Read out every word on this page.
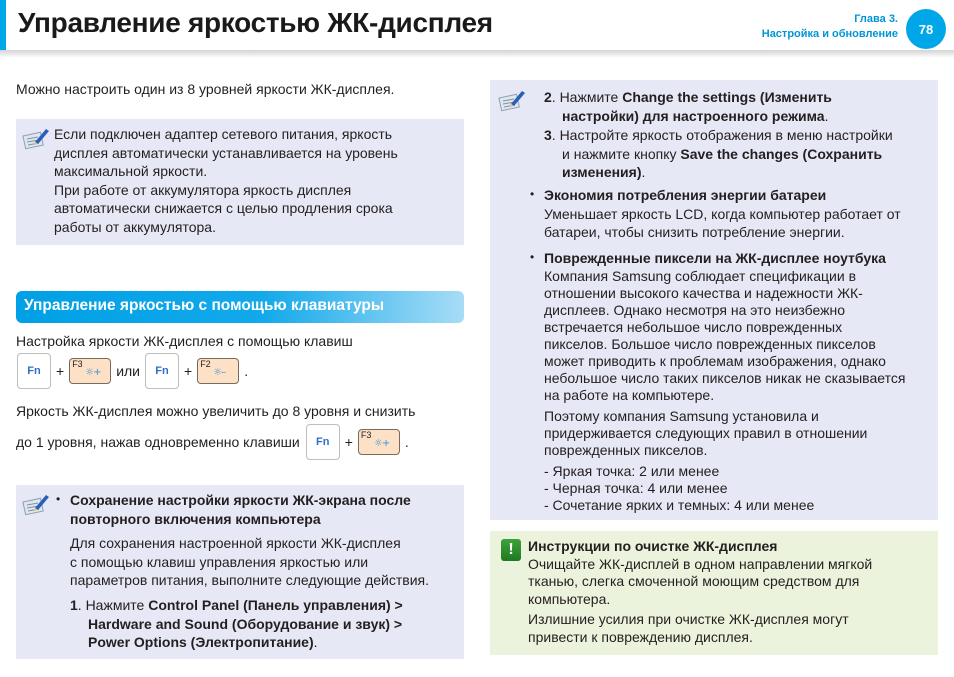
Управление яркостью ЖК-дисплея	Глава 3.
Настройка и обновление	78
Можно настроить один из 8 уровней яркости ЖК-дисплея.
Если подключен адаптер сетевого питания, яркость
дисплея автоматически устанавливается на уровень
максимальной яркости.
При работе от аккумулятора яркость дисплея
автоматически снижается с целью продления срока
работы от аккумулятора.
Управление яркостью с помощью клавиатуры
Настройка яркости ЖК-дисплея с помощью клавиш
Fn	+ F3
☼+ или	Fn	+ F2
☼– .
Яркость ЖК-дисплея можно увеличить до 8 уровня и снизить
до 1 уровня, нажав одновременно клавиши	Fn	+ F3
☼+ .
• Сохранение настройки яркости ЖК-экрана после
повторного включения компьютера
Для сохранения настроенной яркости ЖК-дисплея
с помощью клавиш управления яркостью или
параметров питания, выполните следующие действия.
1. Нажмите Control Panel (Панель управления) >
Hardware and Sound (Оборудование и звук) >
Power Options (Электропитание).
2. Нажмите Change the settings (Изменить
настройки) для настроенного режима.
3. Настройте яркость отображения в меню настройки
и нажмите кнопку Save the changes (Сохранить
изменения).
• Экономия потребления энергии батареи
Уменьшает яркость LCD, когда компьютер работает от
батареи, чтобы снизить потребление энергии.
• Поврежденные пиксели на ЖК-дисплее ноутбука
Компания Samsung соблюдает спецификации в
отношении высокого качества и надежности ЖК-
дисплеев. Однако несмотря на это неизбежно
встречается небольшое число поврежденных
пикселов. Большое число поврежденных пикселов
может приводить к проблемам изображения, однако
небольшое число таких пикселов никак не сказывается
на работе на компьютере.
Поэтому компания Samsung установила и
придерживается следующих правил в отношении
поврежденных пикселов.
- Яркая точка: 2 или менее
- Черная точка: 4 или менее
- Сочетание ярких и темных: 4 или менее
!	Инструкции по очистке ЖК-дисплея
Очищайте ЖК-дисплей в одном направлении мягкой
тканью, слегка смоченной моющим средством для
компьютера.
Излишние усилия при очистке ЖК-дисплея могут
привести к повреждению дисплея.
